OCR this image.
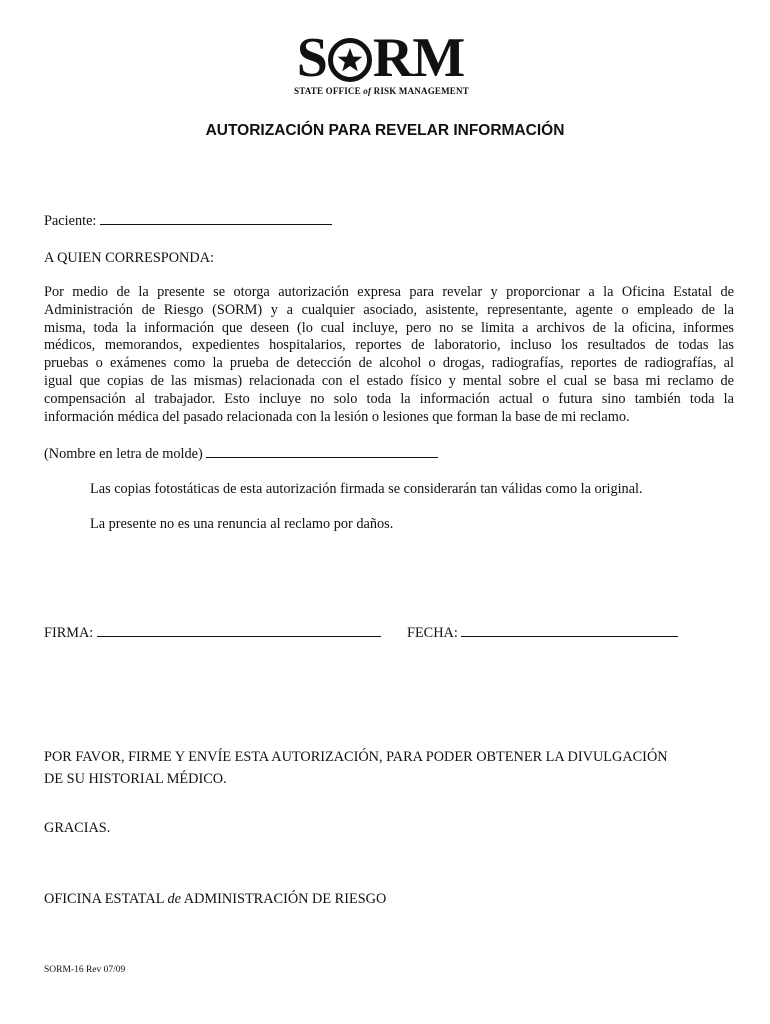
S RM
STATE OFFICE of RISK MANAGEMENT
AUTORIZACIÓN PARA REVELAR INFORMACIÓN
Paciente:
A QUIEN CORRESPONDA:
Por medio de la presente se otorga autorización expresa para revelar y proporcionar a la Oficina Estatal de
Administración de Riesgo (SORM) y a cualquier asociado, asistente, representante, agente o empleado de la
misma, toda la información que deseen (lo cual incluye, pero no se limita a archivos de la oficina, informes
médicos, memorandos, expedientes hospitalarios, reportes de laboratorio, incluso los resultados de todas las
pruebas o exámenes como la prueba de detección de alcohol o drogas, radiografías, reportes de radiografías, al
igual que copias de las mismas) relacionada con el estado físico y mental sobre el cual se basa mi reclamo de
compensación al trabajador. Esto incluye no solo toda la información actual o futura sino también toda la
información médica del pasado relacionada con la lesión o lesiones que forman la base de mi reclamo.
(Nombre en letra de molde)
Las copias fotostáticas de esta autorización firmada se considerarán tan válidas como la original.
La presente no es una renuncia al reclamo por daños.
FIRMA:	FECHA:
POR FAVOR, FIRME Y ENVÍE ESTA AUTORIZACIÓN, PARA PODER OBTENER LA DIVULGACIÓN
DE SU HISTORIAL MÉDICO.
GRACIAS.
OFICINA ESTATAL de ADMINISTRACIÓN DE RIESGO
SORM-16 Rev 07/09
